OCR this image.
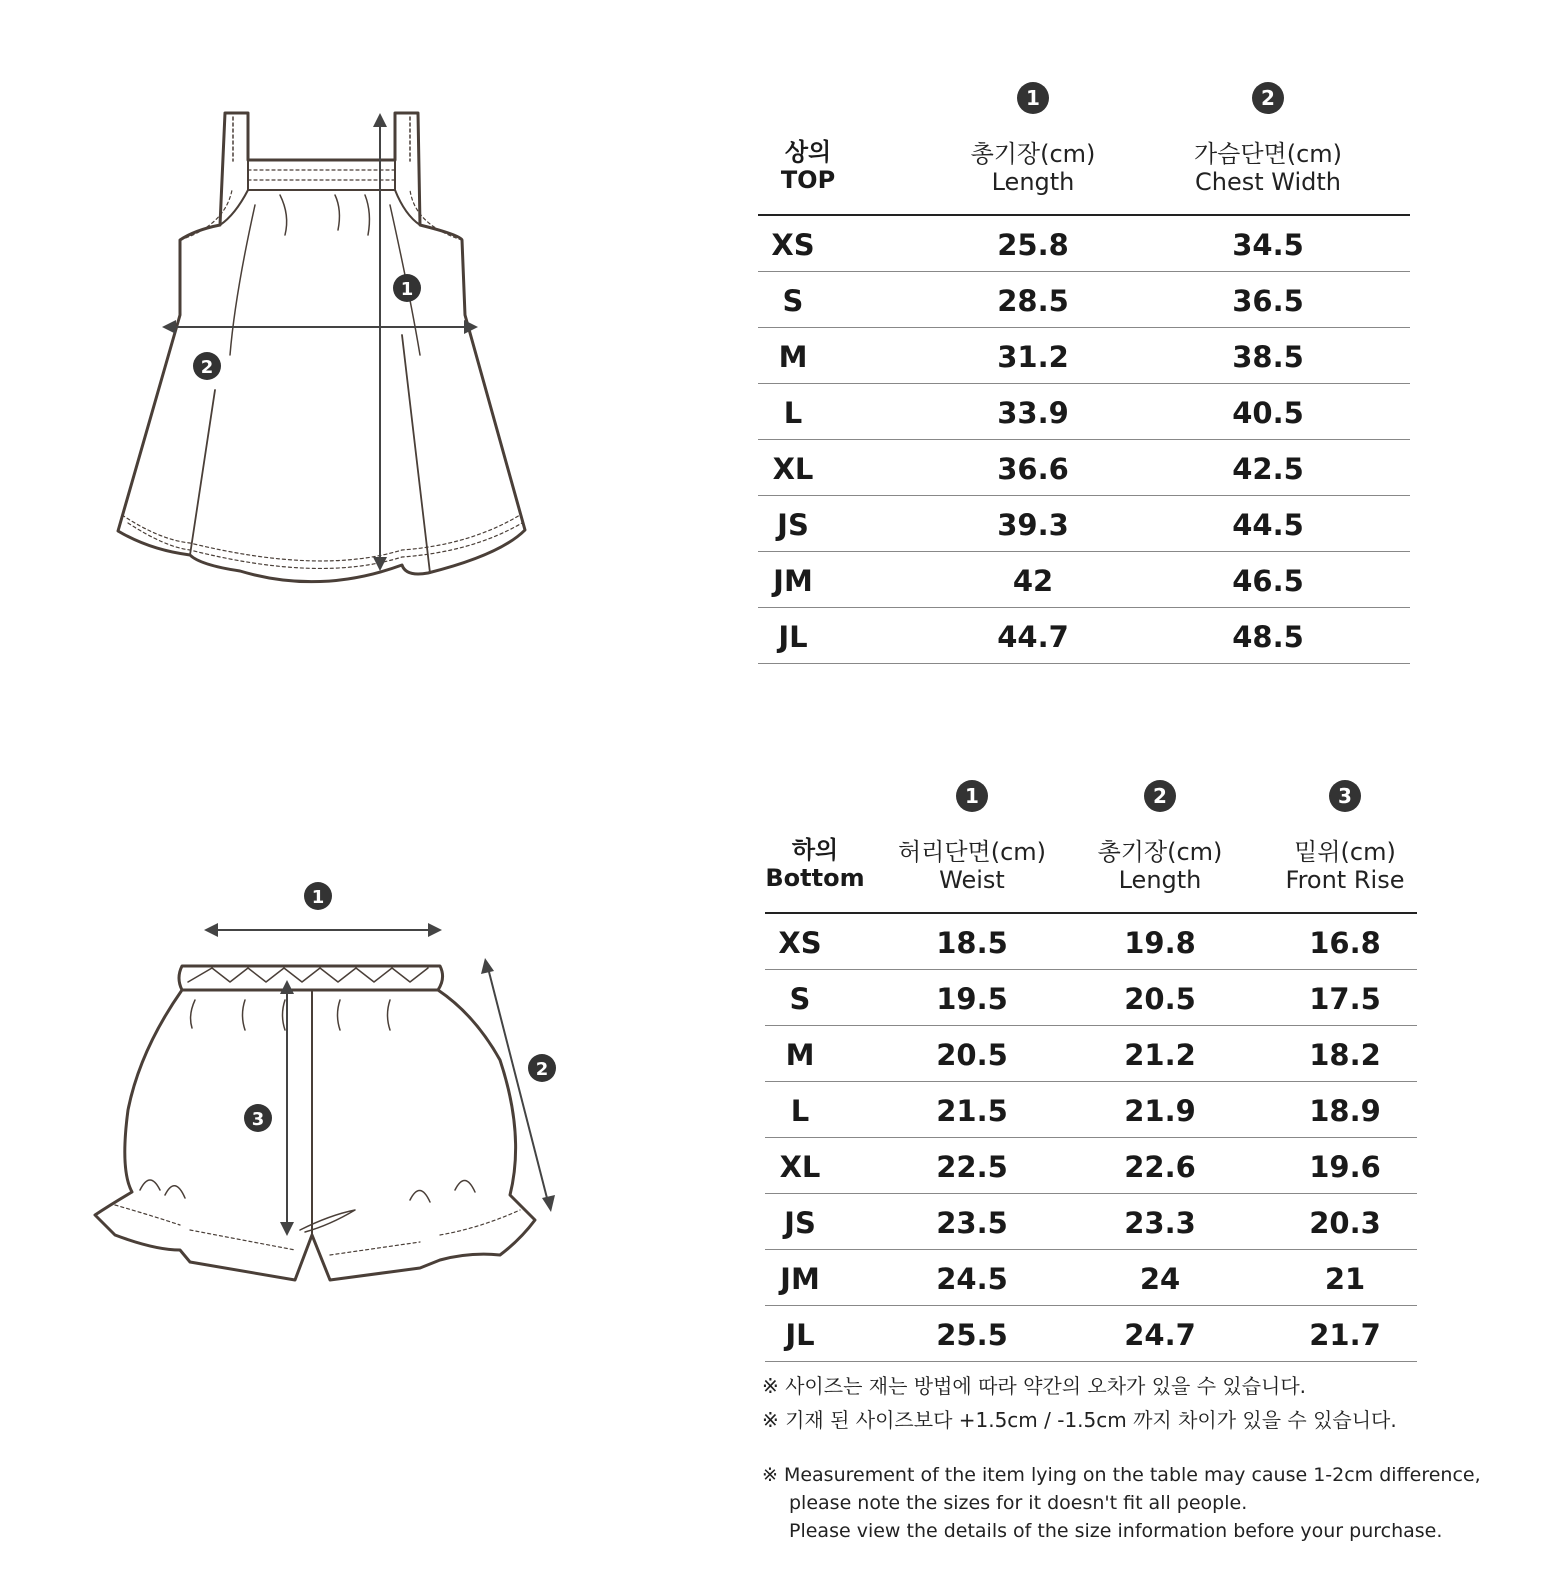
1
2
1
2
3
상의
TOP
1
총기장(cm)
Length
2
가슴단면(cm)
Chest Width
XS	25.8	34.5
S	28.5	36.5
M	31.2	38.5
L	33.9	40.5
XL	36.6	42.5
JS	39.3	44.5
JM	42	46.5
JL	44.7	48.5
하의
Bottom
1
허리단면(cm)
Weist
2
총기장(cm)
Length
3
밑위(cm)
Front Rise
XS	18.5	19.8	16.8
S	19.5	20.5	17.5
M	20.5	21.2	18.2
L	21.5	21.9	18.9
XL	22.5	22.6	19.6
JS	23.5	23.3	20.3
JM	24.5	24	21
JL	25.5	24.7	21.7
※ 사이즈는 재는 방법에 따라 약간의 오차가 있을 수 있습니다.
※ 기재 된 사이즈보다 +1.5cm / -1.5cm 까지 차이가 있을 수 있습니다.
※ Measurement of the item lying on the table may cause 1-2cm difference,
please note the sizes for it doesn't fit all people.
Please view the details of the size information before your purchase.
